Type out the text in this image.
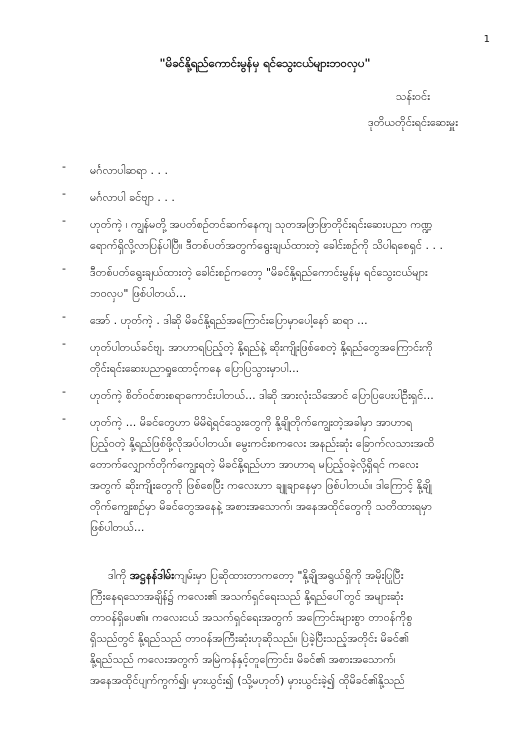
1
"မိခင်နို့ရည်ကောင်းမွန်မှ ရင်သွေးငယ်များဘဝလှပ"
သန်းဝင်း
ဒုတိယတိုင်းရင်းဆေးမှူး
- မင်္ဂလာပါဆရာ . . .
- မင်္ဂလာပါ ခင်ဗျာ . . .
- ဟုတ်ကဲ့ ၊ ကျွန်မတို့ အပတ်စဉ်တင်ဆက်နေကျ သုတအဖြာဖြာတိုင်းရင်းဆေးပညာ ကဏ္ဍ
ရောက်ရှိလို့လာပြန်ပါပြီ။ ဒီတစ်ပတ်အတွက်ရွေးချယ်ထားတဲ့ ခေါင်းစဉ်ကို သိပါရစေရှင် . . .
- ဒီတစ်ပတ်ရွေးချယ်ထားတဲ့ ခေါင်းစဉ်ကတော့ "မိခင်နို့ရည်ကောင်းမွန်မှ ရင်သွေးငယ်များ
ဘဝလှပ" ဖြစ်ပါတယ်...
- အော် . ဟုတ်ကဲ့ . ဒါဆို မိခင်နို့ရည်အကြောင်းပြောမှာပေါ့နော် ဆရာ ...
- ဟုတ်ပါတယ်ခင်ဗျ. အာဟာရပြည့်တဲ့ နို့ရည်နဲ့ ဆိုးကျိုးဖြစ်စေတဲ့ နို့ရည်တွေအကြောင်းကို
တိုင်းရင်းဆေးပညာရှုထောင့်ကနေ ပြောပြသွားမှာပါ...
- ဟုတ်ကဲ့ စိတ်ဝင်စားစရာကောင်းပါတယ်... ဒါဆို အားလုံးသိအောင် ပြောပြပေးပါဦးရှင်...
- ဟုတ်ကဲ့ ... မိခင်တွေဟာ မိမိရဲ့ရင်သွေးတွေကို နို့ချိုတိုက်ကျွေးတဲ့အခါမှာ အာဟာရ
ပြည့်ဝတဲ့ နို့ရည်ဖြစ်ဖို့လိုအပ်ပါတယ်။ မွေးကင်းစကလေး အနည်းဆုံး ခြောက်လသားအထိ
တောက်လျှောက်တိုက်ကျွေးရတဲ့ မိခင်နို့ရည်ဟာ အာဟာရ မပြည့်ဝခဲ့လို့ရှိရင် ကလေး
အတွက် ဆိုးကျိုးတွေကို ဖြစ်စေပြီး ကလေးဟာ ချူချာနေမှာ ဖြစ်ပါတယ်။ ဒါကြောင့် နို့ချို
တိုက်ကျွေးစဉ်မှာ မိခင်တွေအနေနဲ့ အစားအသောက်၊ အနေအထိုင်တွေကို သတိထားရမှာ
ဖြစ်ပါတယ်...
ဒါကို အဋ္ဌနန်ဒါမ်းကျမ်းမှာ ပြဆိုထားတာကတော့ "နို့ချိုအရွယ်ရှိကို အမိုးပြုပြီး
ကြီးနေရသောအချိန်၌ ကလေး၏ အသက်ရှင်ရေးသည် နို့ရည်ပေါ်တွင် အများဆုံး
တာဝန်ရှိပေ၏။ ကလေးငယ် အသက်ရှင်ရေးအတွက် အကြောင်းများစွာ တာဝန်ကိုစွ
ရှိသည်တွင် နို့ရည်သည် တာဝန်အကြီးဆုံးဟုဆိုသည်။ ပြဲခဲ့ပြီးသည့်အတိုင်း မိခင်၏
နို့ရည်သည် ကလေးအတွက် အမြဲကန်နှင့်တူကြောင်း၊ မိခင်၏ အစားအသောက်၊
အနေအထိုင်ပျက်ကွက်၍၊ မှားယွင်း၍ (သို့မဟုတ်) မှားယွင်းခဲ့၍ ထိုမိခင်၏နို့သည်
